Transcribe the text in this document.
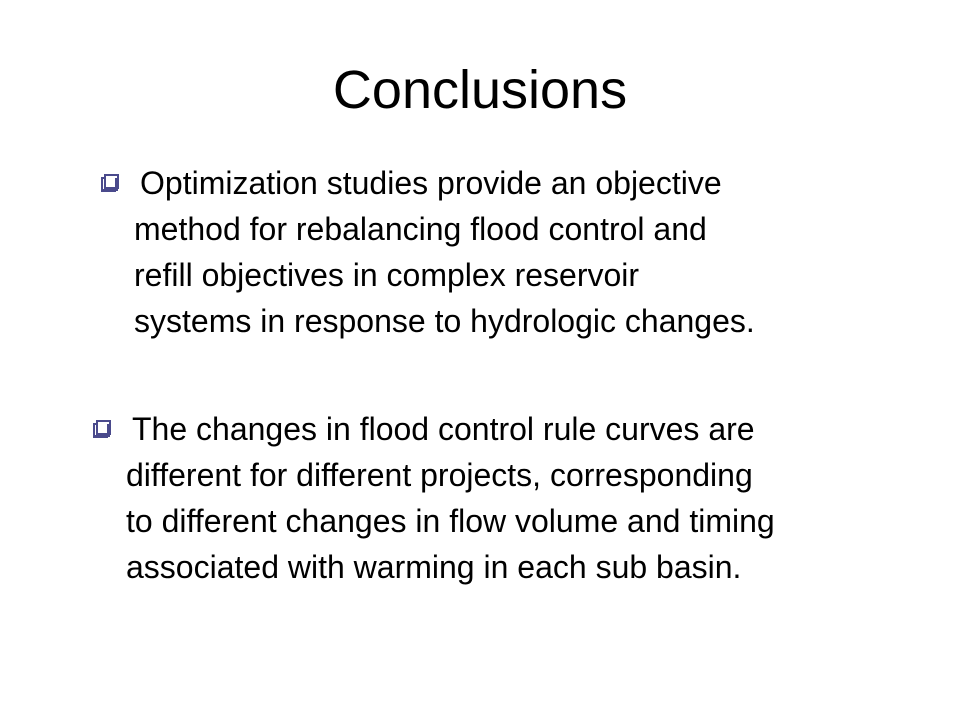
Conclusions
Optimization studies provide an objective
method for rebalancing flood control and
refill objectives in complex reservoir
systems in response to hydrologic changes.
The changes in flood control rule curves are
different for different projects, corresponding
to different changes in flow volume and timing
associated with warming in each sub basin.
